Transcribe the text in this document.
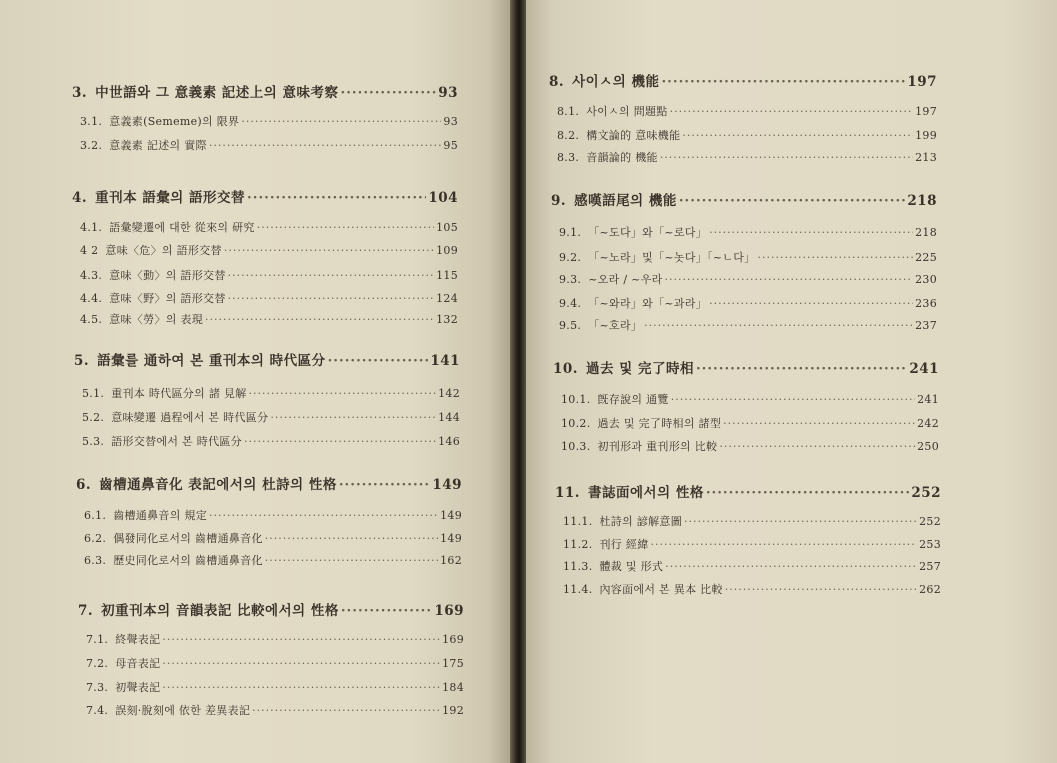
3. 中世語와 그 意義素 記述上의 意味考察 ·····	93
3.1. 意義素(Sememe)의 限界 ·····	93
3.2. 意義素 記述의 實際 ·····	95
4. 重刊本 語彙의 語形交替 ·····	104
4.1. 語彙變遷에 대한 從來의 研究 ·····	105
4 2 意味〈危〉의 語形交替 ·····	109
4.3. 意味〈動〉의 語形交替 ·····	115
4.4. 意味〈野〉의 語形交替 ·····	124
4.5. 意味〈勞〉의 表現 ·····	132
5. 語彙를 通하여 본 重刊本의 時代區分 ·····	141
5.1. 重刊本 時代區分의 諸 見解 ·····	142
5.2. 意味變遷 過程에서 본 時代區分 ·····	144
5.3. 語形交替에서 본 時代區分 ·····	146
6. 齒槽通鼻音化 表記에서의 杜詩의 性格 ·····	149
6.1. 齒槽通鼻音의 規定 ·····	149
6.2. 偶發同化로서의 齒槽通鼻音化 ·····	149
6.3. 歷史同化로서의 齒槽通鼻音化 ·····	162
7. 初重刊本의 音韻表記 比較에서의 性格 ·····	169
7.1. 終聲表記 ·····	169
7.2. 母音表記 ·····	175
7.3. 初聲表記 ·····	184
7.4. 誤刻·脫刻에 依한 差異表記 ·····	192
8. 사이ㅅ의 機能 ·····	197
8.1. 사이ㅅ의 問題點 ·····	197
8.2. 構文論的 意味機能 ·····	199
8.3. 音韻論的 機能 ·····	213
9. 感嘆語尾의 機能 ·····	218
9.1. 「~도다」와「~로다」 ·····	218
9.2. 「~노라」및「~놋다」「~ㄴ다」 ·····	225
9.3. ~오라 / ~우라 ·····	230
9.4. 「~와라」와「~과라」 ·····	236
9.5. 「~호라」 ·····	237
10. 過去 및 完了時相 ·····	241
10.1. 旣存說의 通覽 ·····	241
10.2. 過去 및 完了時相의 諸型 ·····	242
10.3. 初刊形과 重刊形의 比較 ·····	250
11. 書誌面에서의 性格 ·····	252
11.1. 杜詩의 諺解意圖 ·····	252
11.2. 刊行 經緯 ·····	253
11.3. 體裁 및 形式 ·····	257
11.4. 內容面에서 본 異本 比較 ·····	262
